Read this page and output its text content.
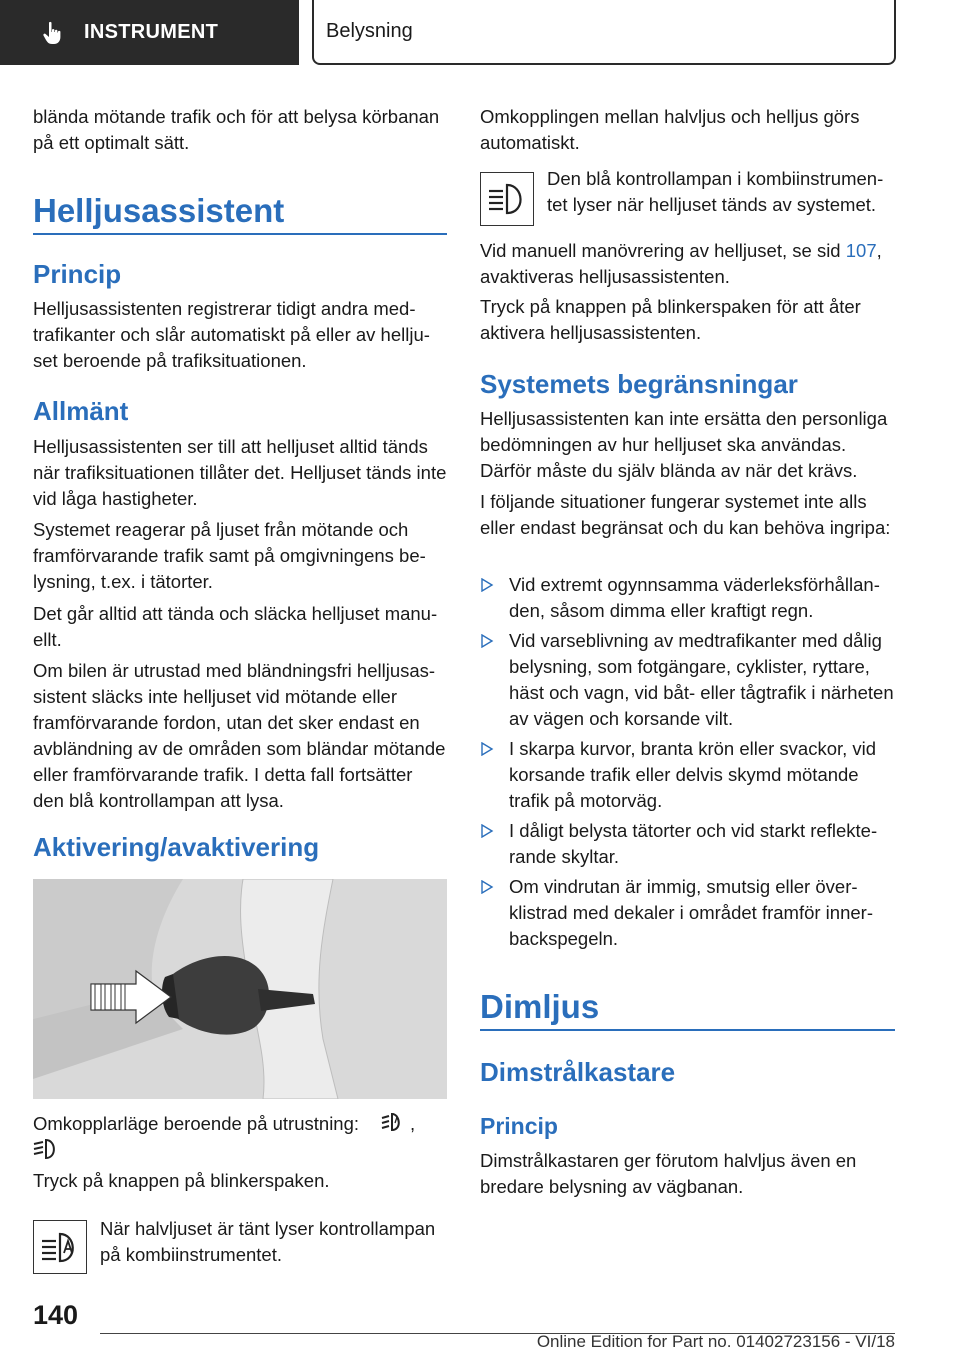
INSTRUMENT	Belysning

blända mötande trafik och för att belysa körbanan på ett optimalt sätt.

Helljusassistent
Princip

Helljusassistenten registrerar tidigt andra medtrafikanter och slår automatiskt på eller av helljuset beroende på trafiksituationen.

Allmänt

Helljusassistenten ser till att helljuset alltid tänds när trafiksituationen tillåter det. Helljuset tänds inte vid låga hastigheter.

Systemet reagerar på ljuset från mötande och framförvarande trafik samt på omgivningens belysning, t.ex. i tätorter.

Det går alltid att tända och släcka helljuset manuellt.

Om bilen är utrustad med bländningsfri helljusassistent släcks inte helljuset vid mötande eller framförvarande fordon, utan det sker endast en avbländning av de områden som bländar mötande eller framförvarande trafik. I detta fall fortsätter den blå kontrollampan att lysa.

Aktivering/avaktivering

Omkopplarläge beroende på utrustning:	,

Tryck på knappen på blinkerspaken.

När halvljuset är tänt lyser kontrollampan på kombiinstrumentet.

Omkopplingen mellan halvljus och helljus görs automatiskt.

Den blå kontrollampan i kombiinstrumentet lyser när helljuset tänds av systemet.

Vid manuell manövrering av helljuset, se sid 107, avaktiveras helljusassistenten.

Tryck på knappen på blinkerspaken för att åter aktivera helljusassistenten.

Systemets begränsningar

Helljusassistenten kan inte ersätta den personliga bedömningen av hur helljuset ska användas. Därför måste du själv blända av när det krävs.

I följande situationer fungerar systemet inte alls eller endast begränsat och du kan behöva ingripa:

Vid extremt ogynnsamma väderleksförhållanden, såsom dimma eller kraftigt regn.
Vid varseblivning av medtrafikanter med dålig belysning, som fotgängare, cyklister, ryttare, häst och vagn, vid båt- eller tågtrafik i närheten av vägen och korsande vilt.
I skarpa kurvor, branta krön eller svackor, vid korsande trafik eller delvis skymd mötande trafik på motorväg.
I dåligt belysta tätorter och vid starkt reflekterande skyltar.
Om vindrutan är immig, smutsig eller överklistrad med dekaler i området framför innerbackspegeln.
Dimljus
Dimstrålkastare
Princip

Dimstrålkastaren ger förutom halvljus även en bredare belysning av vägbanan.

140
Online Edition for Part no. 01402723156 - VI/18
